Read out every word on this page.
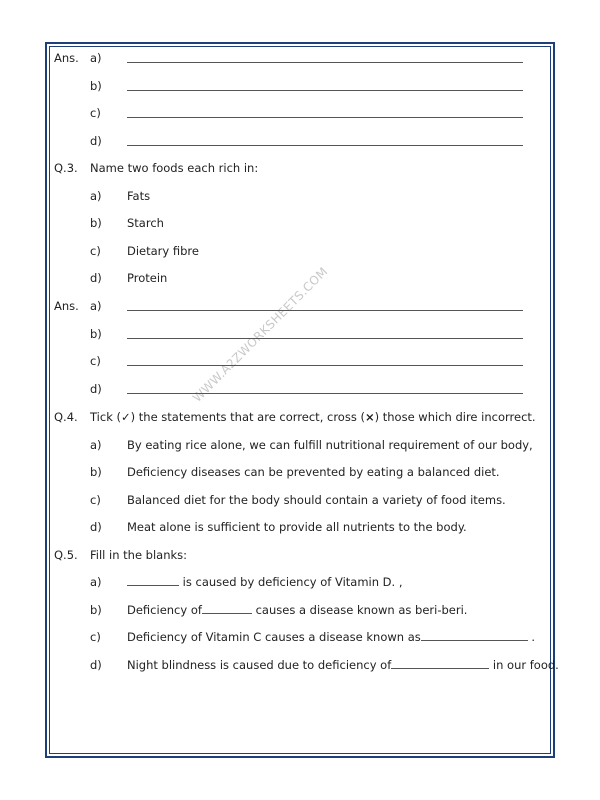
WWW.A2ZWORKSHEETS.COM
Ans. a)
b)
c)
d)
Q.3. Name two foods each rich in:
a) Fats
b) Starch
c) Dietary fibre
d) Protein
Ans. a)
b)
c)
d)
Q.4. Tick (✓) the statements that are correct, cross (×) those which dire incorrect.
a) By eating rice alone, we can fulfill nutritional requirement of our body,
b) Deficiency diseases can be prevented by eating a balanced diet.
c) Balanced diet for the body should contain a variety of food items.
d) Meat alone is sufficient to provide all nutrients to the body.
Q.5. Fill in the blanks:
a)	is caused by deficiency of Vitamin D. ,
b) Deficiency of	causes a disease known as beri-beri.
c) Deficiency of Vitamin C causes a disease known as	.
d) Night blindness is caused due to deficiency of	in our food.
